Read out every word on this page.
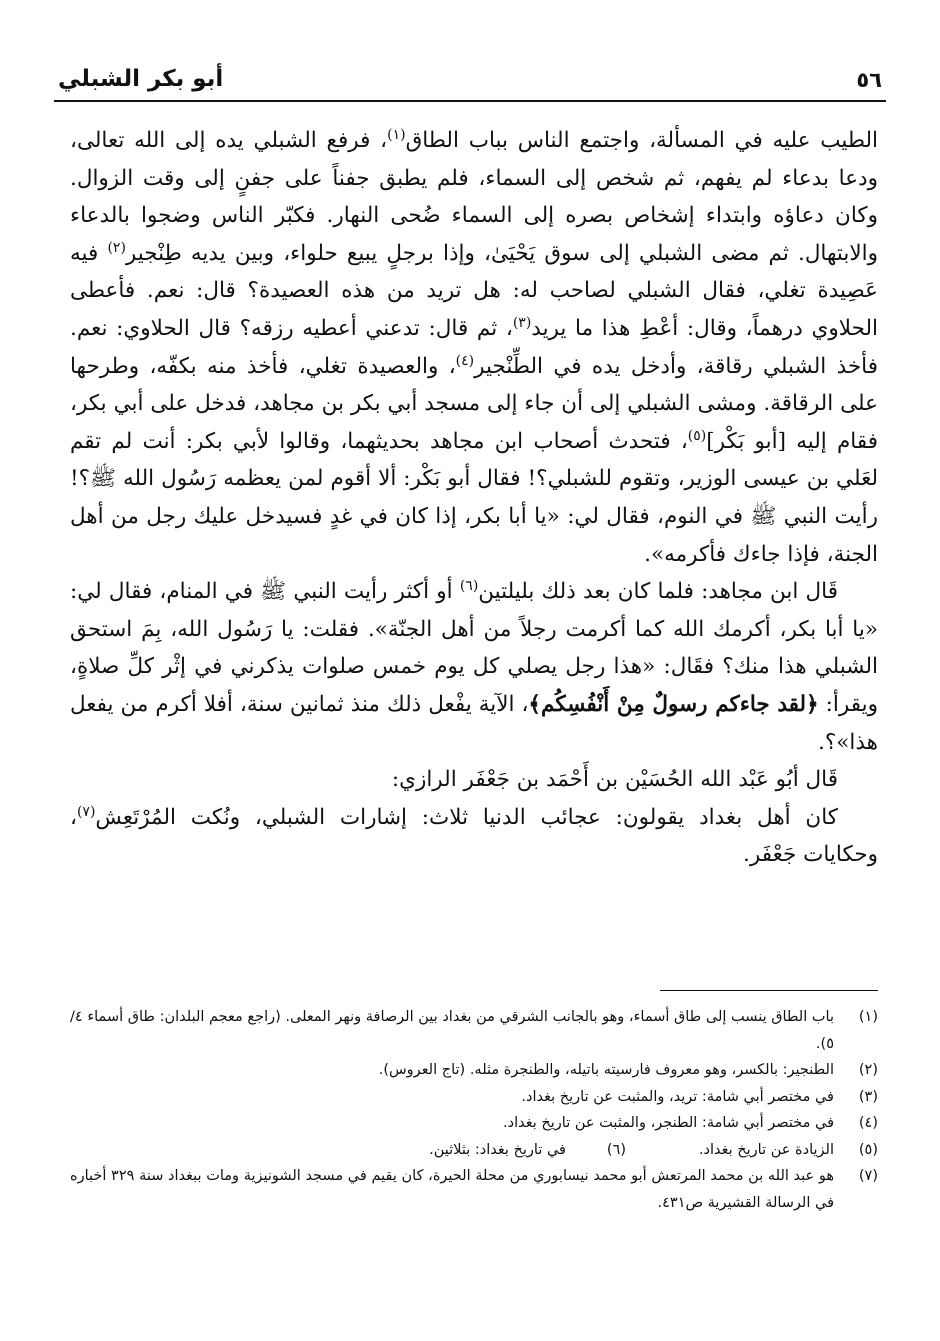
٥٦
أبو بكر الشبلي

الطيب عليه في المسألة، واجتمع الناس بباب الطاق$^{(١)}$، فرفع الشبلي يده إلى الله تعالى، ودعا بدعاء لم يفهم، ثم شخص إلى السماء، فلم يطبق جفناً على جفنٍ إلى وقت الزوال. وكان دعاؤه وابتداء إشخاص بصره إلى السماء ضُحى النهار. فكبّر الناس وضجوا بالدعاء والابتهال. ثم مضى الشبلي إلى سوق يَحْيَىٰ، وإذا برجلٍ يبيع حلواء، وبين يديه طِنْجير$^{(٢)}$ فيه عَصِيدة تغلي، فقال الشبلي لصاحب له: هل تريد من هذه العصيدة؟ قال: نعم. فأعطى الحلاوي درهماً، وقال: أعْطِ هذا ما يريد$^{(٣)}$، ثم قال: تدعني أعطيه رزقه؟ قال الحلاوي: نعم. فأخذ الشبلي رقاقة، وأدخل يده في الطِّنْجير$^{(٤)}$، والعصيدة تغلي، فأخذ منه بكفّه، وطرحها على الرقاقة. ومشى الشبلي إلى أن جاء إلى مسجد أبي بكر بن مجاهد، فدخل على أبي بكر، فقام إليه [أبو بَكْر]$^{(٥)}$، فتحدث أصحاب ابن مجاهد بحديثهما، وقالوا لأبي بكر: أنت لم تقم لعَلي بن عيسى الوزير، وتقوم للشبلي؟! فقال أبو بَكْر: ألا أقوم لمن يعظمه رَسُول الله ﷺ؟! رأيت النبي ﷺ في النوم، فقال لي: «يا أبا بكر، إذا كان في غدٍ فسيدخل عليك رجل من أهل الجنة، فإذا جاءك فأكرمه».

قَال ابن مجاهد: فلما كان بعد ذلك بليلتين$^{(٦)}$ أو أكثر رأيت النبي ﷺ في المنام، فقال لي: «يا أبا بكر، أكرمك الله كما أكرمت رجلاً من أهل الجنّة». فقلت: يا رَسُول الله، بِمَ استحق الشبلي هذا منك؟ فقَال: «هذا رجل يصلي كل يوم خمس صلوات يذكرني في إثْر كلِّ صلاةٍ، ويقرأ: ﴿لقد جاءكم رسولٌ مِنْ أَنْفُسِكُم﴾، الآية يفْعل ذلك منذ ثمانين سنة، أفلا أكرم من يفعل هذا»؟.

قَال أبُو عَبْد الله الحُسَيْن بن أَحْمَد بن جَعْفَر الرازي:

كان أهل بغداد يقولون: عجائب الدنيا ثلاث: إشارات الشبلي، ونُكت المُرْتَعِش$^{(٧)}$، وحكايات جَعْفَر.

(١)
باب الطاق ينسب إلى طاق أسماء، وهو بالجانب الشرقي من بغداد بين الرصافة ونهر المعلى. (راجع معجم البلدان: طاق أسماء ٤/ ٥).
(٢)
الطنجير: بالكسر، وهو معروف فارسيته باتيله، والطنجرة مثله. (تاج العروس).
(٣)
في مختصر أبي شامة: تريد، والمثبت عن تاريخ بغداد.
(٤)
في مختصر أبي شامة: الطنجر، والمثبت عن تاريخ بغداد.
(٥)
الزيادة عن تاريخ بغداد.
(٦)
في تاريخ بغداد: بثلاثين.
(٧)
هو عبد الله بن محمد المرتعش أبو محمد نيسابوري من محلة الحيرة، كان يقيم في مسجد الشونيزية ومات ببغداد سنة ٣٢٩ أخباره في الرسالة القشيرية ص٤٣١.
